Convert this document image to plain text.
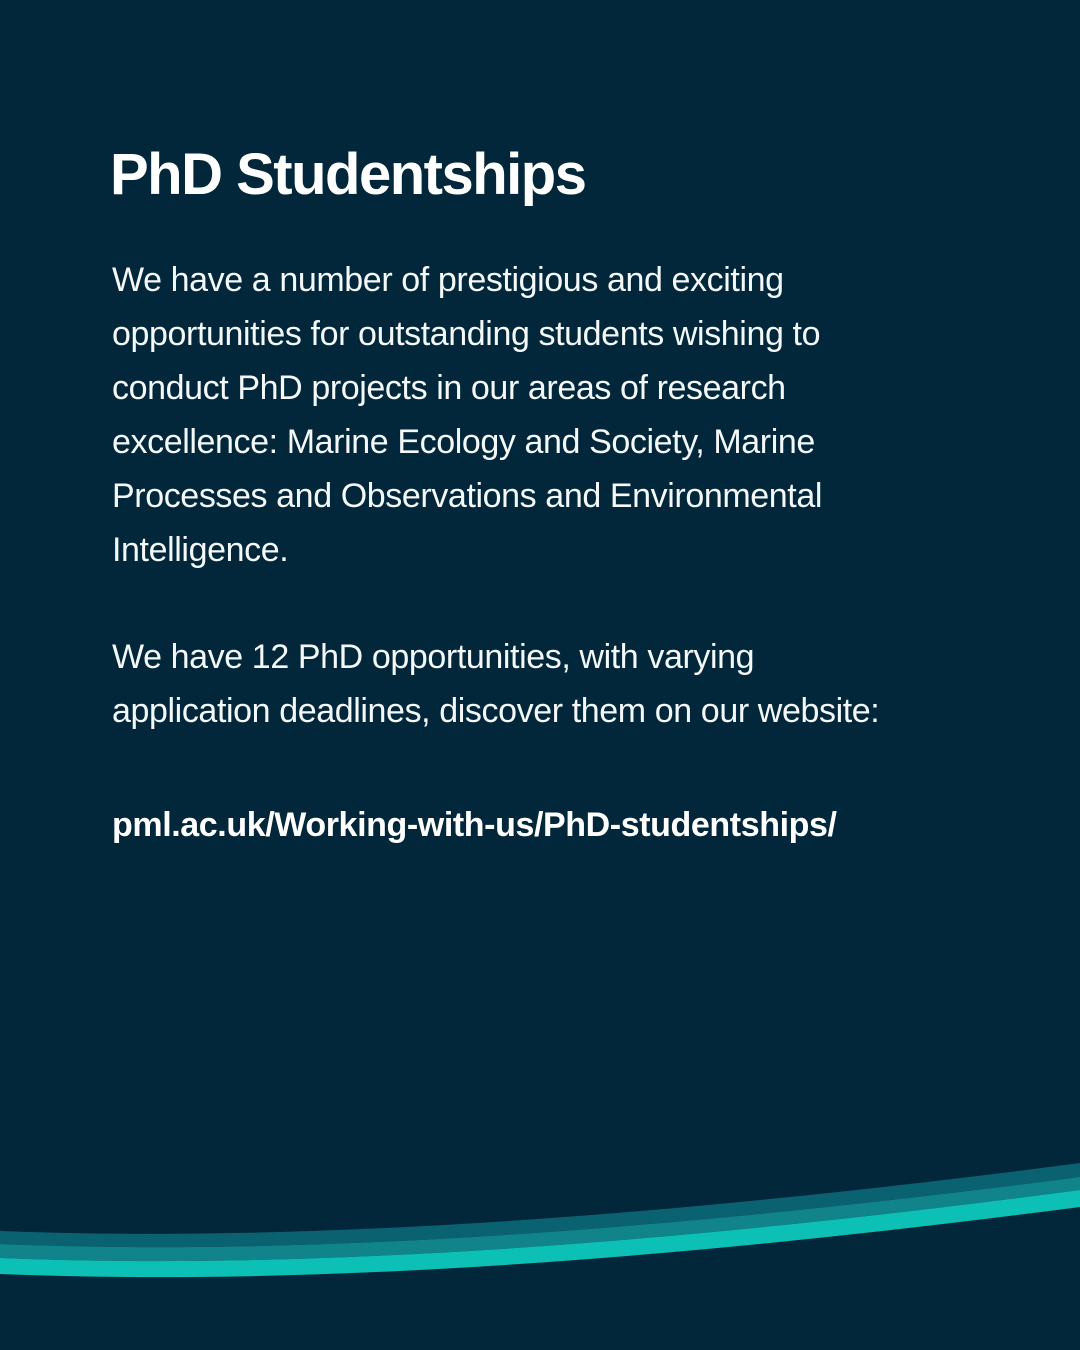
PhD Studentships
We have a number of prestigious and exciting
opportunities for outstanding students wishing to
conduct PhD projects in our areas of research
excellence: Marine Ecology and Society, Marine
Processes and Observations and Environmental
Intelligence.
We have 12 PhD opportunities, with varying
application deadlines, discover them on our website:
pml.ac.uk/Working-with-us/PhD-studentships/
